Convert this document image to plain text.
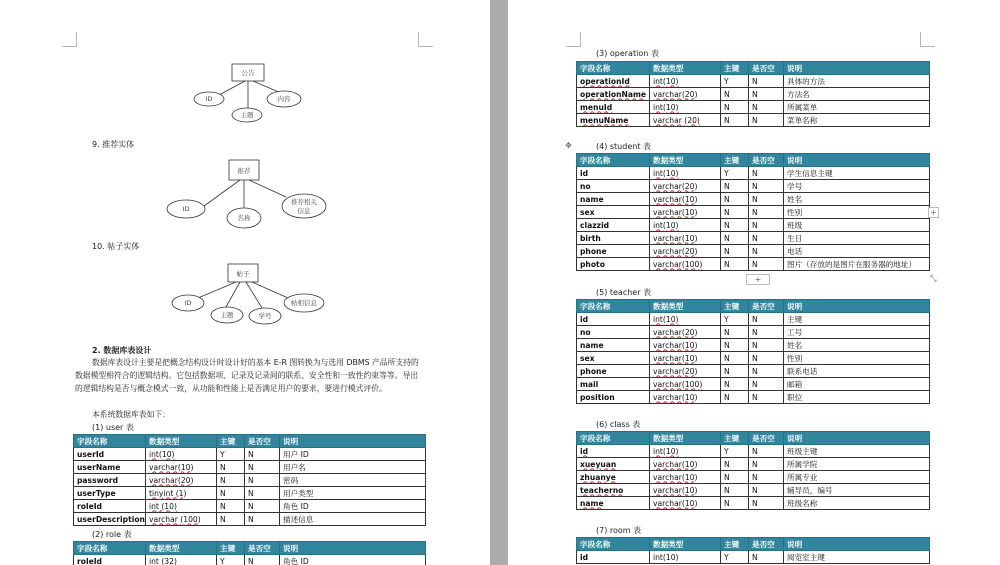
公告
ID	内容
主题
9. 推荐实体
推荐
ID
名称
推荐相关
信息
10. 帖子实体
帖子
ID
主题	学号
帖相信息
2. 数据库表设计
数据库表设计主要是把概念结构设计时设计好的基本 E-R 图转换为与选用 DBMS 产品所支持的数据模型相符合的逻辑结构。它包括数据项、记录及记录间的联系、安全性和一致性约束等等。导出的逻辑结构是否与概念模式一致，从功能和性能上是否满足用户的要求，要进行模式评价。
本系统数据库表如下：
(1) user 表
字段名称	数据类型	主键	是否空	说明
userId	int(10)	Y	N	用户 ID
userName	varchar(10)	N	N	用户名
password	varchar(20)	N	N	密码
userType	tinyint (1)	N	N	用户类型
roleId	int (10)	N	N	角色 ID
userDescription	varchar (100)	N	N	描述信息
(2) role 表
字段名称	数据类型	主键	是否空	说明
roleId	int (32)	Y	N	角色 ID
(3) operation 表
字段名称	数据类型	主键	是否空	说明
operationId	int(10)	Y	N	具体的方法
operationName	varchar(20)	N	N	方法名
menuId	int(10)	N	N	所属菜单
menuName	varchar (20)	N	N	菜单名称
✥	(4) student 表
字段名称	数据类型	主键	是否空	说明
id	int(10)	Y	N	学生信息主键
no	varchar(20)	N	N	学号
name	varchar(10)	N	N	姓名
sex	varchar(10)	N	N	性别
clazzid	int(10)	N	N	班级
birth	varchar(10)	N	N	生日
phone	varchar(20)	N	N	电话
photo	varchar(100)	N	N	图片（存放的是图片在服务器的地址）
+
+	⤡
(5) teacher 表
字段名称	数据类型	主键	是否空	说明
id	int(10)	Y	N	主键
no	varchar(20)	N	N	工号
name	varchar(10)	N	N	姓名
sex	varchar(10)	N	N	性别
phone	varchar(20)	N	N	联系电话
mail	varchar(100)	N	N	邮箱
position	varchar(10)	N	N	职位
(6) class 表
字段名称	数据类型	主键	是否空	说明
id	int(10)	Y	N	班级主键
xueyuan	varchar(10)	N	N	所属学院
zhuanye	varchar(10)	N	N	所属专业
teacherno	varchar(10)	N	N	辅导员，编号
name	varchar(10)	N	N	班级名称
(7) room 表
字段名称	数据类型	主键	是否空	说明
id	int(10)	Y	N	阅览室主键
